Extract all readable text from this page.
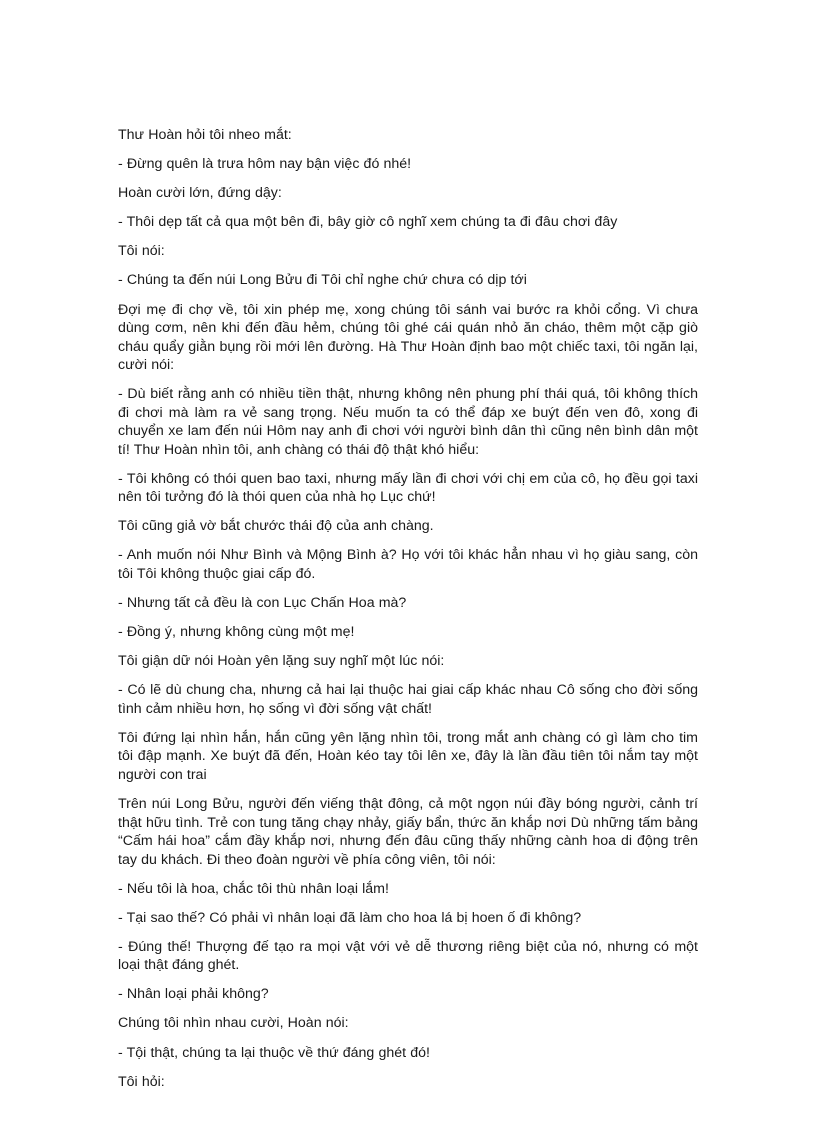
Thư Hoàn hỏi tôi nheo mắt:

- Đừng quên là trưa hôm nay bận việc đó nhé!

Hoàn cười lớn, đứng dậy:

- Thôi dẹp tất cả qua một bên đi, bây giờ cô nghĩ xem chúng ta đi đâu chơi đây

Tôi nói:

- Chúng ta đến núi Long Bửu đi Tôi chỉ nghe chứ chưa có dịp tới

Đợi mẹ đi chợ về, tôi xin phép mẹ, xong chúng tôi sánh vai bước ra khỏi cổng. Vì chưa dùng cơm, nên khi đến đầu hẻm, chúng tôi ghé cái quán nhỏ ăn cháo, thêm một cặp giò cháu quẩy giằn bụng rồi mới lên đường. Hà Thư Hoàn định bao một chiếc taxi, tôi ngăn lại, cười nói:

- Dù biết rằng anh có nhiều tiền thật, nhưng không nên phung phí thái quá, tôi không thích đi chơi mà làm ra vẻ sang trọng. Nếu muốn ta có thể đáp xe buýt đến ven đô, xong đi chuyển xe lam đến núi Hôm nay anh đi chơi với người bình dân thì cũng nên bình dân một tí! Thư Hoàn nhìn tôi, anh chàng có thái độ thật khó hiểu:

- Tôi không có thói quen bao taxi, nhưng mấy lần đi chơi với chị em của cô, họ đều gọi taxi nên tôi tưởng đó là thói quen của nhà họ Lục chứ!

Tôi cũng giả vờ bắt chước thái độ của anh chàng.

- Anh muốn nói Như Bình và Mộng Bình à? Họ với tôi khác hẳn nhau vì họ giàu sang, còn tôi Tôi không thuộc giai cấp đó.

- Nhưng tất cả đều là con Lục Chấn Hoa mà?

- Đồng ý, nhưng không cùng một mẹ!

Tôi giận dữ nói Hoàn yên lặng suy nghĩ một lúc nói:

- Có lẽ dù chung cha, nhưng cả hai lại thuộc hai giai cấp khác nhau Cô sống cho đời sống tình cảm nhiều hơn, họ sống vì đời sống vật chất!

Tôi đứng lại nhìn hắn, hắn cũng yên lặng nhìn tôi, trong mắt anh chàng có gì làm cho tim tôi đập mạnh. Xe buýt đã đến, Hoàn kéo tay tôi lên xe, đây là lần đầu tiên tôi nắm tay một người con trai

Trên núi Long Bửu, người đến viếng thật đông, cả một ngọn núi đầy bóng người, cảnh trí thật hữu tình. Trẻ con tung tăng chạy nhảy, giấy bẩn, thức ăn khắp nơi Dù những tấm bảng “Cấm hái hoa” cắm đầy khắp nơi, nhưng đến đâu cũng thấy những cành hoa di động trên tay du khách. Đi theo đoàn người về phía công viên, tôi nói:

- Nếu tôi là hoa, chắc tôi thù nhân loại lắm!

- Tại sao thế? Có phải vì nhân loại đã làm cho hoa lá bị hoen ố đi không?

- Đúng thế! Thượng đế tạo ra mọi vật với vẻ dễ thương riêng biệt của nó, nhưng có một loại thật đáng ghét.

- Nhân loại phải không?

Chúng tôi nhìn nhau cười, Hoàn nói:

- Tội thật, chúng ta lại thuộc về thứ đáng ghét đó!

Tôi hỏi:
